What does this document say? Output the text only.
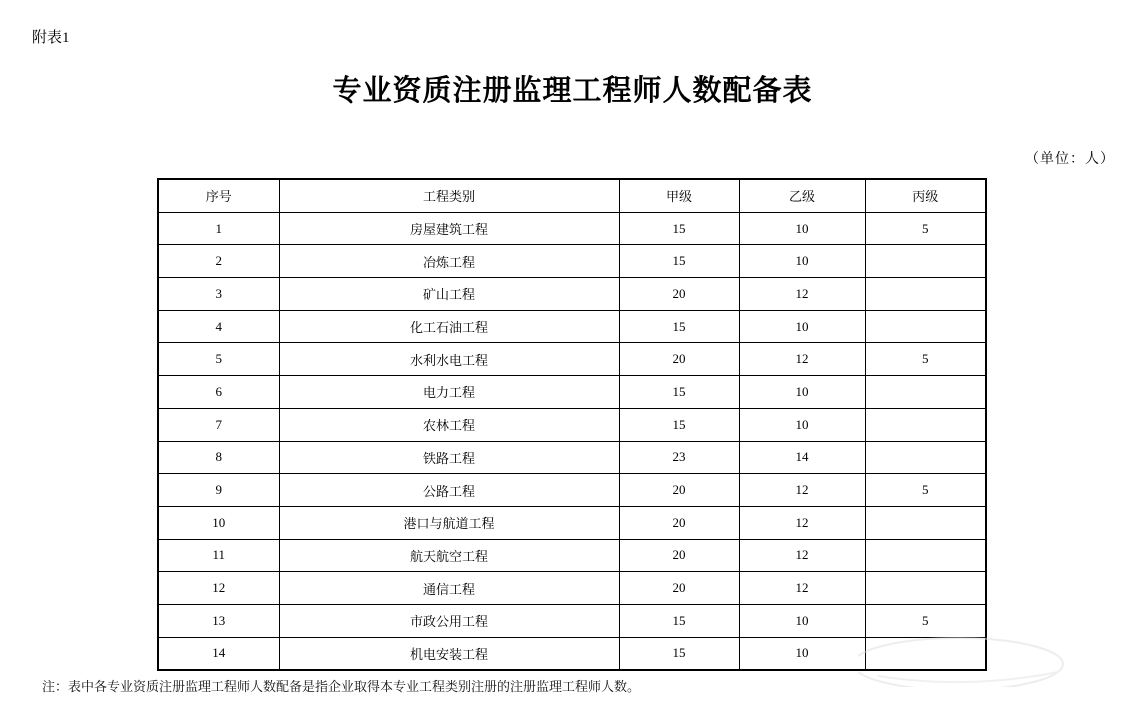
附表1
专业资质注册监理工程师人数配备表
（单位：人）
序号	工程类别	甲级	乙级	丙级
1	房屋建筑工程	15	10	5
2	冶炼工程	15	10	
3	矿山工程	20	12	
4	化工石油工程	15	10	
5	水利水电工程	20	12	5
6	电力工程	15	10	
7	农林工程	15	10	
8	铁路工程	23	14	
9	公路工程	20	12	5
10	港口与航道工程	20	12	
11	航天航空工程	20	12	
12	通信工程	20	12	
13	市政公用工程	15	10	5
14	机电安装工程	15	10	
注：表中各专业资质注册监理工程师人数配备是指企业取得本专业工程类别注册的注册监理工程师人数。
